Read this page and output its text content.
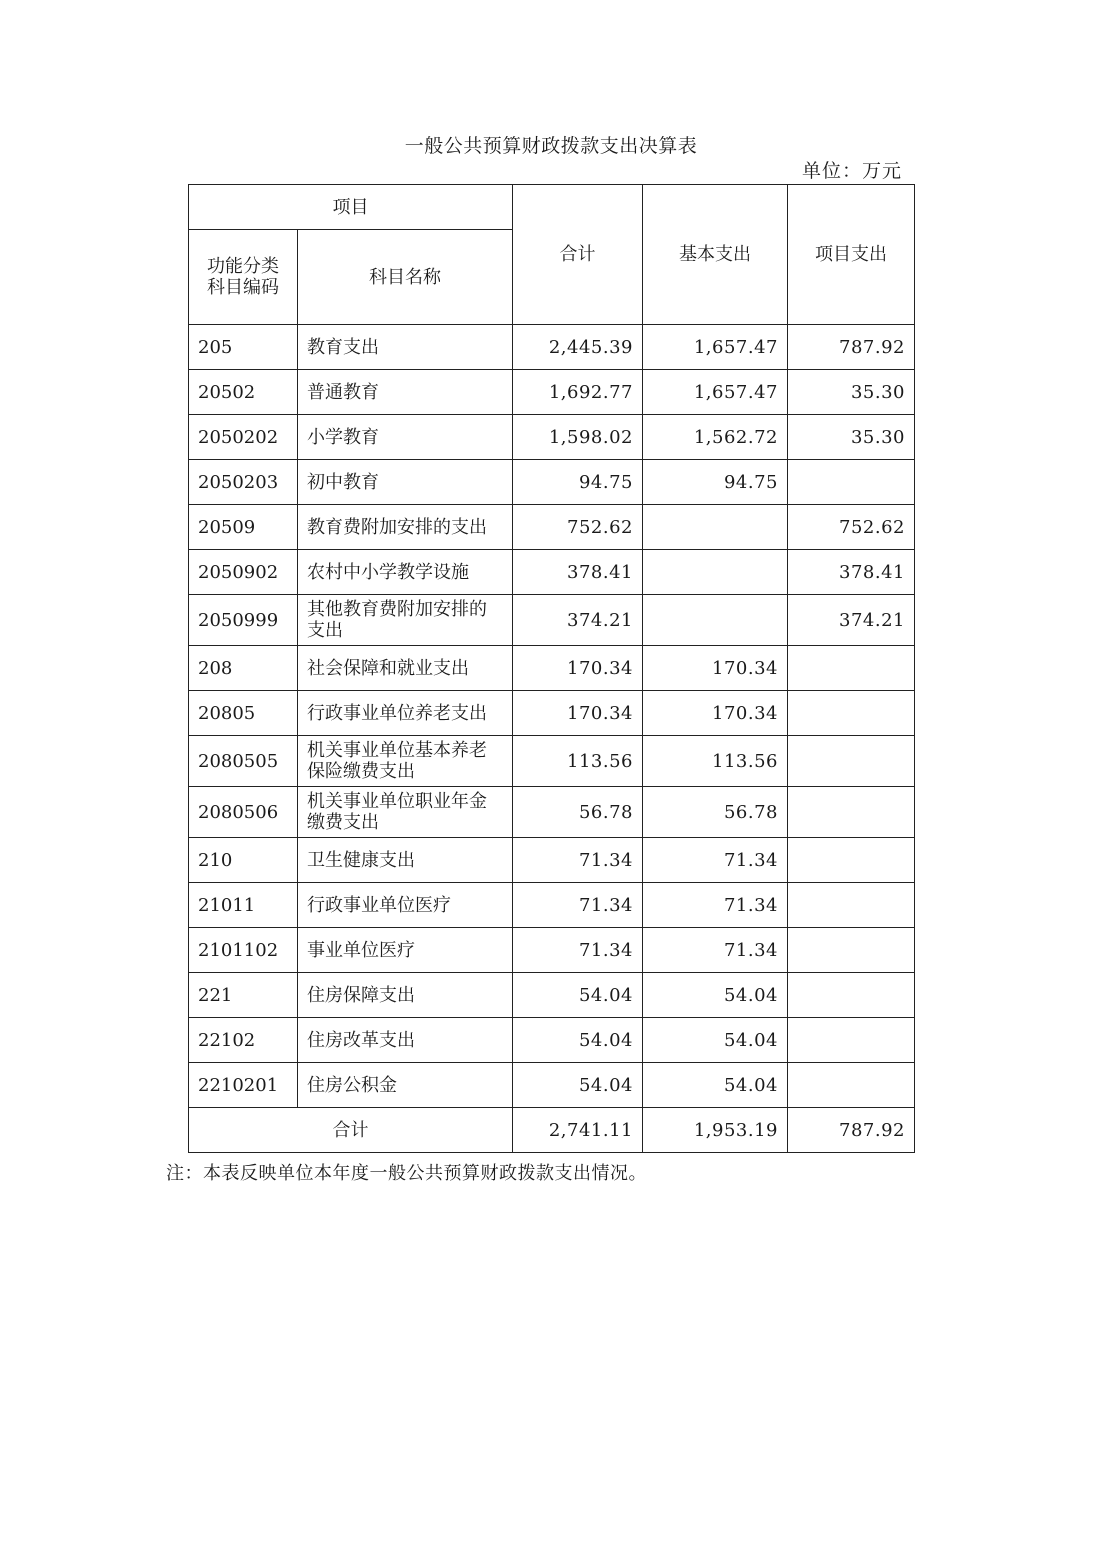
一般公共预算财政拨款支出决算表
单位：万元
项目		合计	基本支出	项目支出
功能分类
科目编码	科目名称			
205	教育支出	2,445.39	1,657.47	787.92
20502	普通教育	1,692.77	1,657.47	35.30
2050202	小学教育	1,598.02	1,562.72	35.30
2050203	初中教育	94.75	94.75	
20509	教育费附加安排的支出	752.62		752.62
2050902	农村中小学教学设施	378.41		378.41
2050999	其他教育费附加安排的支出	374.21		374.21
208	社会保障和就业支出	170.34	170.34	
20805	行政事业单位养老支出	170.34	170.34	
2080505	机关事业单位基本养老保险缴费支出	113.56	113.56	
2080506	机关事业单位职业年金缴费支出	56.78	56.78	
210	卫生健康支出	71.34	71.34	
21011	行政事业单位医疗	71.34	71.34	
2101102	事业单位医疗	71.34	71.34	
221	住房保障支出	54.04	54.04	
22102	住房改革支出	54.04	54.04	
2210201	住房公积金	54.04	54.04	
合计		2,741.11	1,953.19	787.92
注：本表反映单位本年度一般公共预算财政拨款支出情况。
